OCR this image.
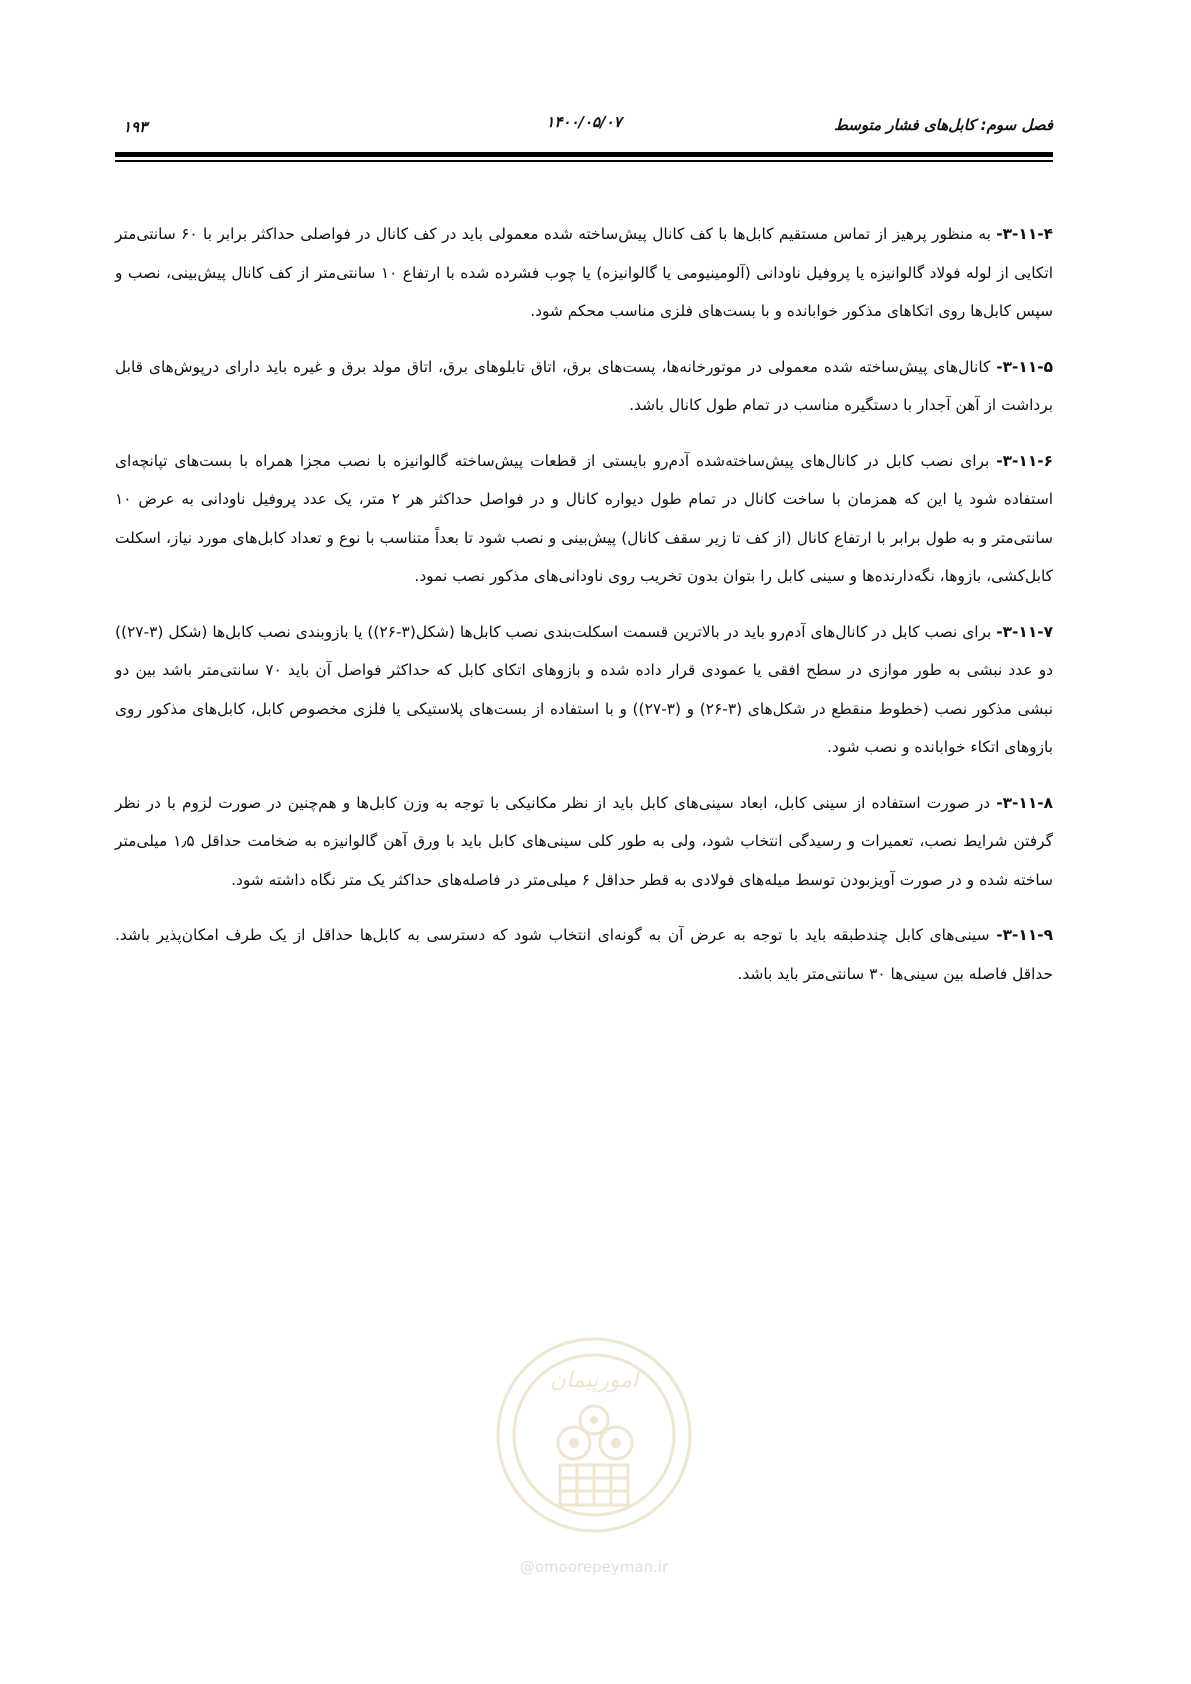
فصل سوم: کابل‌های فشار متوسط
۱۴۰۰/۰۵/۰۷
۱۹۳

۳-۱۱-۴- به منظور پرهیز از تماس مستقیم کابل‌ها با کف کانال پیش‌ساخته شده معمولی باید در کف کانال در فواصلی حداکثر برابر با ۶۰ سانتی‌متر اتکایی از لوله فولاد گالوانیزه یا پروفیل ناودانی (آلومینیومی یا گالوانیزه) یا چوب فشرده شده با ارتفاع ۱۰ سانتی‌متر از کف کانال پیش‌بینی، نصب و سپس کابل‌ها روی اتکاهای مذکور خوابانده و با بست‌های فلزی مناسب محکم شود.

۳-۱۱-۵- کانال‌های پیش‌ساخته شده معمولی در موتورخانه‌ها، پست‌های برق، اتاق تابلوهای برق، اتاق مولد برق و غیره باید دارای درپوش‌های قابل برداشت از آهن آجدار با دستگیره مناسب در تمام طول کانال باشد.

۳-۱۱-۶- برای نصب کابل در کانال‌های پیش‌ساخته‌شده آدم‌رو بایستی از قطعات پیش‌ساخته گالوانیزه با نصب مجزا همراه با بست‌های تپانچه‌ای استفاده شود یا این که همزمان با ساخت کانال در تمام طول دیواره کانال و در فواصل حداکثر هر ۲ متر، یک عدد پروفیل ناودانی به عرض ۱۰ سانتی‌متر و به طول برابر با ارتفاع کانال (از کف تا زیر سقف کانال) پیش‌بینی و نصب شود تا بعداً متناسب با نوع و تعداد کابل‌های مورد نیاز، اسکلت کابل‌کشی، بازوها، نگه‌دارنده‌ها و سینی کابل را بتوان بدون تخریب روی ناودانی‌های مذکور نصب نمود.

۳-۱۱-۷- برای نصب کابل در کانال‌های آدم‌رو باید در بالاترین قسمت اسکلت‌بندی نصب کابل‌ها (شکل(۳-۲۶)) یا بازوبندی نصب کابل‌ها (شکل (۳-۲۷)) دو عدد نبشی به طور موازی در سطح افقی یا عمودی قرار داده شده و بازوهای اتکای کابل که حداکثر فواصل آن باید ۷۰ سانتی‌متر باشد بین دو نبشی مذکور نصب (خطوط منقطع در شکل‌های (۳-۲۶) و (۳-۲۷)) و با استفاده از بست‌های پلاستیکی یا فلزی مخصوص کابل، کابل‌های مذکور روی بازوهای اتکاء خوابانده و نصب شود.

۳-۱۱-۸- در صورت استفاده از سینی کابل، ابعاد سینی‌های کابل باید از نظر مکانیکی با توجه به وزن کابل‌ها و هم‌چنین در صورت لزوم با در نظر گرفتن شرایط نصب، تعمیرات و رسیدگی انتخاب شود، ولی به طور کلی سینی‌های کابل باید با ورق آهن گالوانیزه به ضخامت حداقل ۱٫۵ میلی‌متر ساخته شده و در صورت آویزبودن توسط میله‌های فولادی به قطر حداقل ۶ میلی‌متر در فاصله‌های حداکثر یک متر نگاه داشته شود.

۳-۱۱-۹- سینی‌های کابل چندطبقه باید با توجه به عرض آن به گونه‌ای انتخاب شود که دسترسی به کابل‌ها حداقل از یک طرف امکان‌پذیر باشد. حداقل فاصله بین سینی‌ها ۳۰ سانتی‌متر باید باشد.

امورپیمان
@omoorepeyman.ir
